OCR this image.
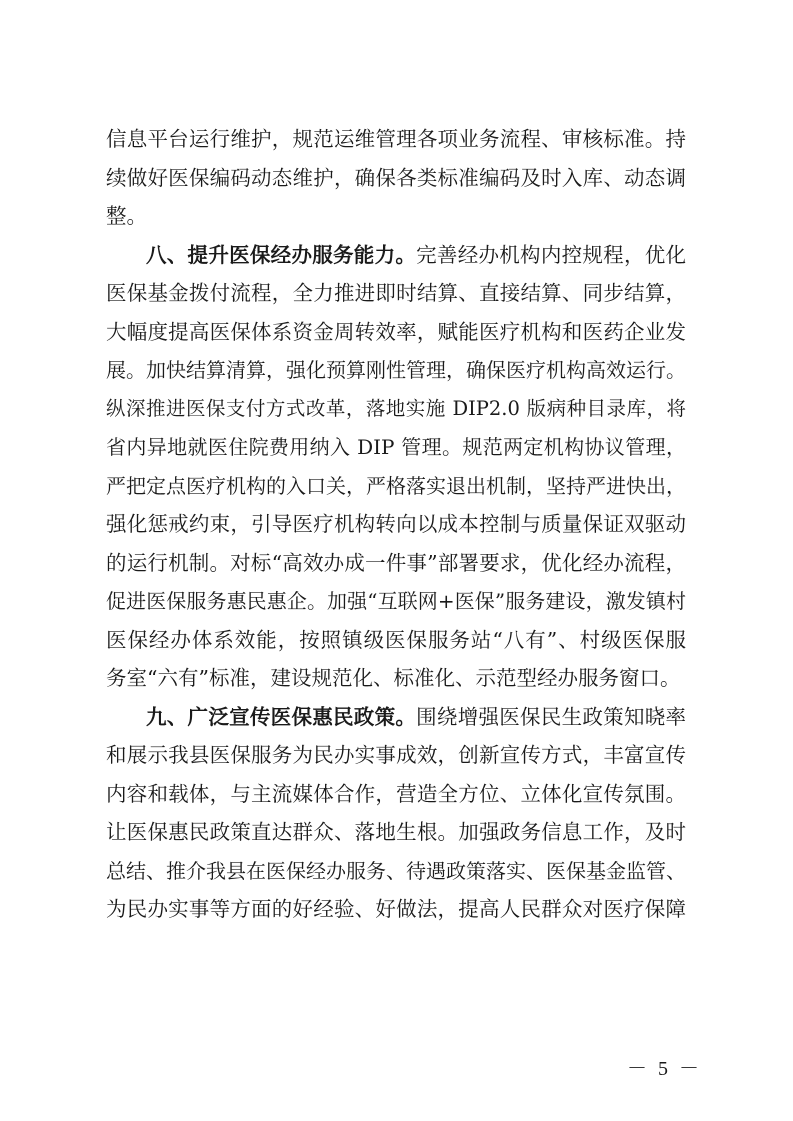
信息平台运行维护，规范运维管理各项业务流程、审核标准。持
续做好医保编码动态维护，确保各类标准编码及时入库、动态调
整。
八、提升医保经办服务能力。完善经办机构内控规程，优化
医保基金拨付流程，全力推进即时结算、直接结算、同步结算，
大幅度提高医保体系资金周转效率，赋能医疗机构和医药企业发
展。加快结算清算，强化预算刚性管理，确保医疗机构高效运行。
纵深推进医保支付方式改革，落地实施 DIP2.0 版病种目录库，将
省内异地就医住院费用纳入 DIP 管理。规范两定机构协议管理，
严把定点医疗机构的入口关，严格落实退出机制，坚持严进快出，
强化惩戒约束，引导医疗机构转向以成本控制与质量保证双驱动
的运行机制。对标“高效办成一件事”部署要求，优化经办流程，
促进医保服务惠民惠企。加强“互联网+医保”服务建设，激发镇村
医保经办体系效能，按照镇级医保服务站“八有”、村级医保服
务室“六有”标准，建设规范化、标准化、示范型经办服务窗口。
九、广泛宣传医保惠民政策。围绕增强医保民生政策知晓率
和展示我县医保服务为民办实事成效，创新宣传方式，丰富宣传
内容和载体，与主流媒体合作，营造全方位、立体化宣传氛围。
让医保惠民政策直达群众、落地生根。加强政务信息工作，及时
总结、推介我县在医保经办服务、待遇政策落实、医保基金监管、
为民办实事等方面的好经验、好做法，提高人民群众对医疗保障
－ 5 －
